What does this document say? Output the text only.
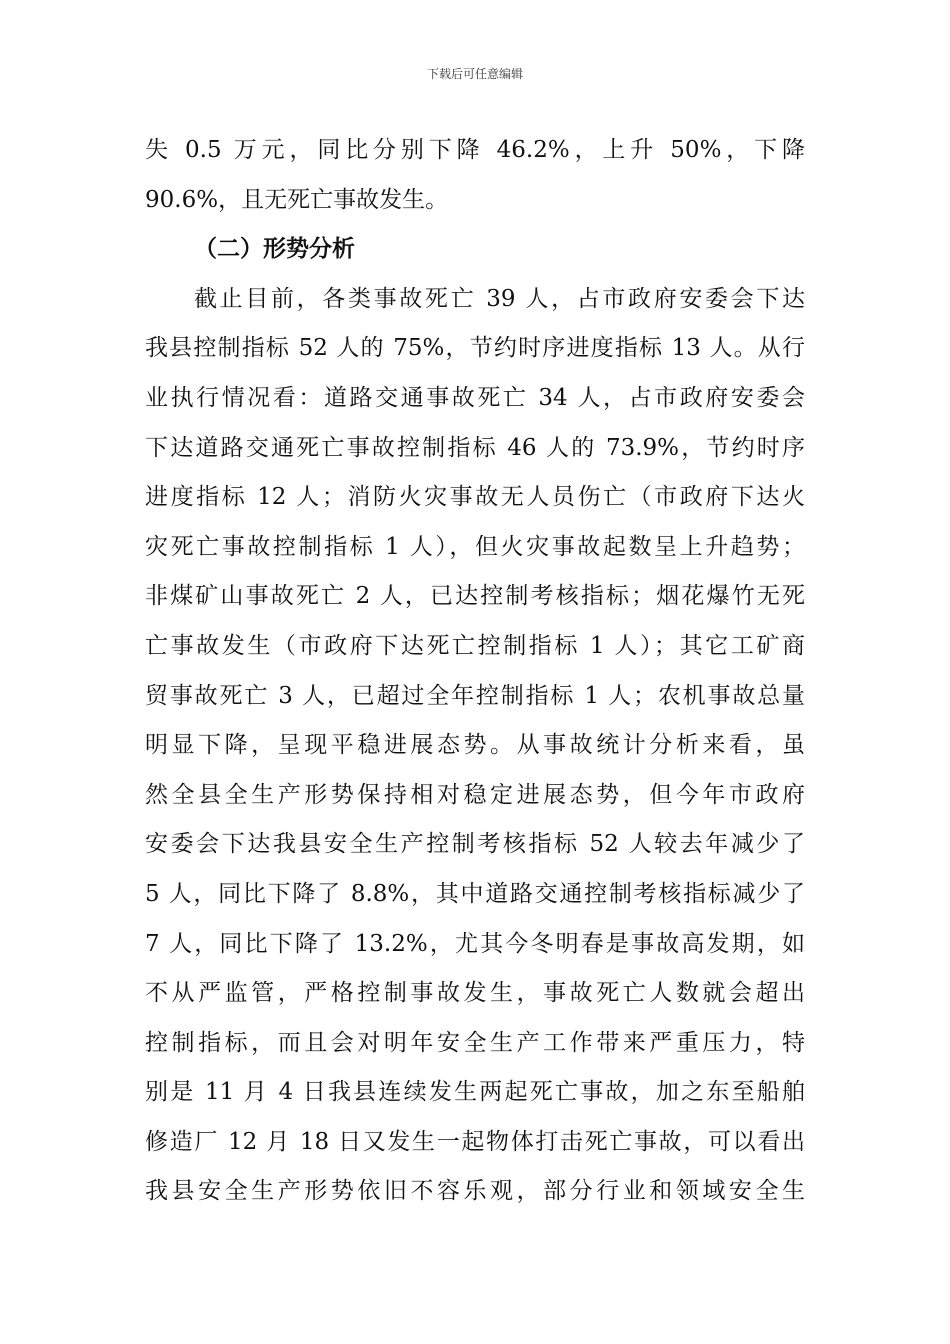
下载后可任意编辑
失 0.5 万元，同比分别下降 46.2%，上升 50%，下降
90.6%，且无死亡事故发生。
（二）形势分析
截止目前，各类事故死亡 39 人，占市政府安委会下达
我县控制指标 52 人的 75%，节约时序进度指标 13 人。从行
业执行情况看：道路交通事故死亡 34 人，占市政府安委会
下达道路交通死亡事故控制指标 46 人的 73.9%，节约时序
进度指标 12 人；消防火灾事故无人员伤亡（市政府下达火
灾死亡事故控制指标 1 人），但火灾事故起数呈上升趋势；
非煤矿山事故死亡 2 人，已达控制考核指标；烟花爆竹无死
亡事故发生（市政府下达死亡控制指标 1 人）；其它工矿商
贸事故死亡 3 人，已超过全年控制指标 1 人；农机事故总量
明显下降，呈现平稳进展态势。从事故统计分析来看，虽
然全县全生产形势保持相对稳定进展态势，但今年市政府
安委会下达我县安全生产控制考核指标 52 人较去年减少了
5 人，同比下降了 8.8%，其中道路交通控制考核指标减少了
7 人，同比下降了 13.2%，尤其今冬明春是事故高发期，如
不从严监管，严格控制事故发生，事故死亡人数就会超出
控制指标，而且会对明年安全生产工作带来严重压力，特
别是 11 月 4 日我县连续发生两起死亡事故，加之东至船舶
修造厂 12 月 18 日又发生一起物体打击死亡事故，可以看出
我县安全生产形势依旧不容乐观，部分行业和领域安全生
